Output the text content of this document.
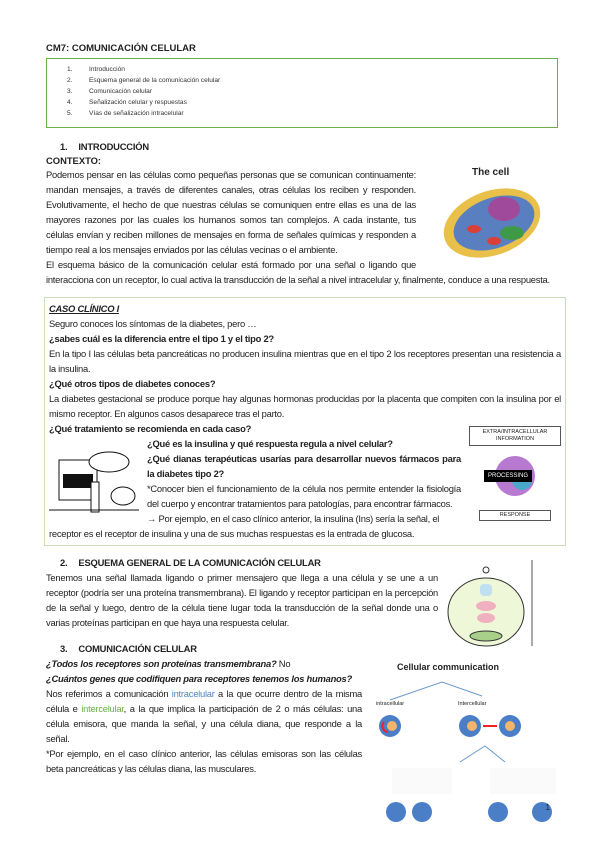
CM7: COMUNICACIÓN CELULAR
1.	Introducción
2.	Esquema general de la comunicación celular
3.	Comunicación celular
4.	Señalización celular y respuestas
5.	Vías de señalización intracelular
1. INTRODUCCIÓN
CONTEXTO:
The cell

Podemos pensar en las células como pequeñas personas que se comunican continuamente: mandan mensajes, a través de diferentes canales, otras células los reciben y responden. Evolutivamente, el hecho de que nuestras células se comuniquen entre ellas es una de las mayores razones por las cuales los humanos somos tan complejos. A cada instante, tus células envían y reciben millones de mensajes en forma de señales químicas y responden a tiempo real a los mensajes enviados por las células vecinas o el ambiente.

El esquema básico de la comunicación celular está formado por una señal o ligando que interacciona con un receptor, lo cual activa la transducción de la señal a nivel intracelular y, finalmente, conduce a una respuesta.

CASO CLÍNICO I

Seguro conoces los síntomas de la diabetes, pero …

¿sabes cuál es la diferencia entre el tipo 1 y el tipo 2?

En la tipo I las células beta pancreáticas no producen insulina mientras que en el tipo 2 los receptores presentan una resistencia a la insulina.

¿Qué otros tipos de diabetes conoces?

La diabetes gestacional se produce porque hay algunas hormonas producidas por la placenta que compiten con la insulina por el mismo receptor. En algunos casos desaparece tras el parto.

¿Qué tratamiento se recomienda en cada caso?	EXTRA/INTRACELLULAR INFORMATION
PROCESSING
RESPONSE

¿Qué es la insulina y qué respuesta regula a nivel celular?

¿Qué dianas terapéuticas usarías para desarrollar nuevos fármacos para la diabetes tipo 2?

*Conocer bien el funcionamiento de la célula nos permite entender la fisiología del cuerpo y encontrar tratamientos para patologías, para encontrar fármacos.

→ Por ejemplo, en el caso clínico anterior, la insulina (Ins) sería la señal, el receptor es el receptor de insulina y una de sus muchas respuestas es la entrada de glucosa.

2. ESQUEMA GENERAL DE LA COMUNICACIÓN CELULAR

Tenemos una señal llamada ligando o primer mensajero que llega a una célula y se une a un receptor (podría ser una proteína transmembrana). El ligando y receptor participan en la percepción de la señal y luego, dentro de la célula tiene lugar toda la transducción de la señal donde una o varias proteínas participan en que haya una respuesta celular.

3. COMUNICACIÓN CELULAR
Cellular communication
intracellular	Intercellular

¿Todos los receptores son proteínas transmembrana? No

¿Cuántos genes que codifiquen para receptores tenemos los humanos?

Nos referimos a comunicación intracelular a la que ocurre dentro de la misma célula e intercelular, a la que implica la participación de 2 o más células: una célula emisora, que manda la señal, y una célula diana, que responde a la señal.

*Por ejemplo, en el caso clínico anterior, las células emisoras son las células beta pancreáticas y las células diana, las musculares.

1
